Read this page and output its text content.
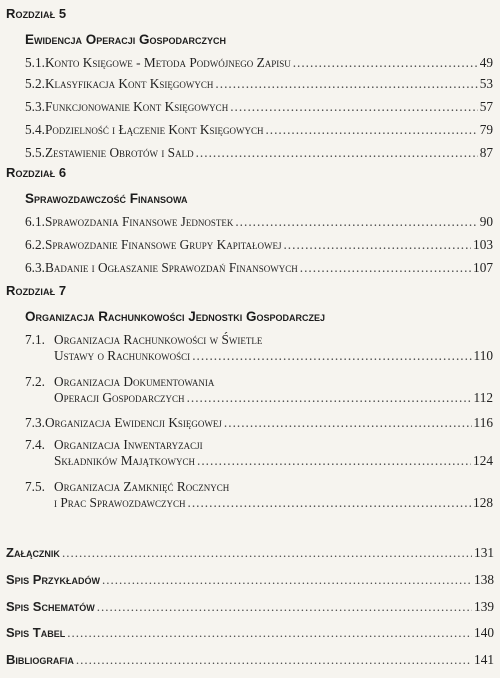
Rozdział 5
Ewidencja Operacji Gospodarczych
5.1. Konto Księgowe - Metoda Podwójnego Zapisu .....	49
5.2. Klasyfikacja Kont Księgowych .....	53
5.3. Funkcjonowanie Kont Księgowych .....	57
5.4. Podzielność i Łączenie Kont Księgowych .....	79
5.5. Zestawienie Obrotów i Sald .....	87
Rozdział 6
Sprawozdawczość Finansowa
6.1. Sprawozdania Finansowe Jednostek .....	90
6.2. Sprawozdanie Finansowe Grupy Kapitałowej .....	103
6.3. Badanie i Ogłaszanie Sprawozdań Finansowych .....	107
Rozdział 7
Organizacja Rachunkowości Jednostki Gospodarczej
7.1. Organizacja Rachunkowości w Świetle
Ustawy o Rachunkowości .....	110
7.2. Organizacja Dokumentowania
Operacji Gospodarczych .....	112
7.3. Organizacja Ewidencji Księgowej .....	116
7.4. Organizacja Inwentaryzacji
Składników Majątkowych .....	124
7.5. Organizacja Zamknięć Rocznych
i Prac Sprawozdawczych .....	128
Załącznik .....	131
Spis Przykładów .....	138
Spis Schematów .....	139
Spis Tabel .....	140
Bibliografia .....	141
